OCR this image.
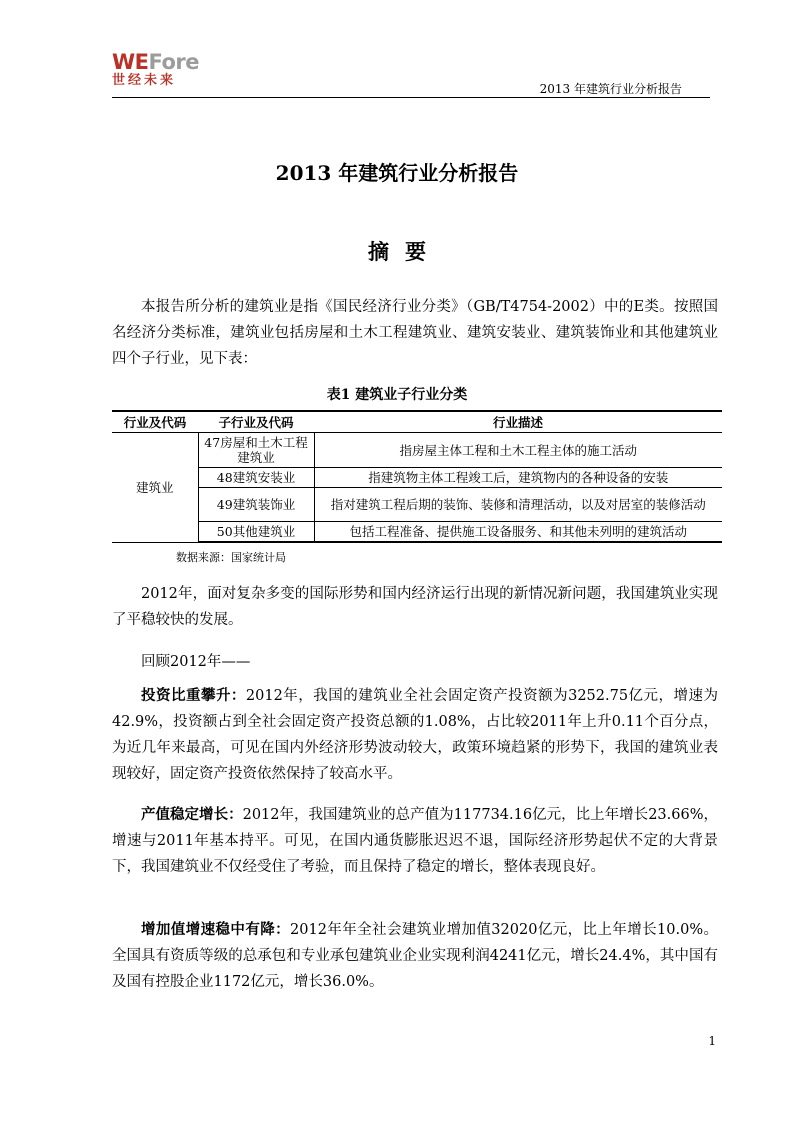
WEFore
世经未来
2013 年建筑行业分析报告
2013 年建筑行业分析报告
摘要

本报告所分析的建筑业是指《国民经济行业分类》（GB/T4754-2002）中的E类。按照国名经济分类标准，建筑业包括房屋和土木工程建筑业、建筑安装业、建筑装饰业和其他建筑业四个子行业，见下表：

表1 建筑业子行业分类
行业及代码	子行业及代码	行业描述
建筑业	47房屋和土木工程建筑业	指房屋主体工程和土木工程主体的施工活动
	48建筑安装业	指建筑物主体工程竣工后，建筑物内的各种设备的安装
	49建筑装饰业	指对建筑工程后期的装饰、装修和清理活动，以及对居室的装修活动
	50其他建筑业	包括工程准备、提供施工设备服务、和其他未列明的建筑活动
数据来源：国家统计局

2012年，面对复杂多变的国际形势和国内经济运行出现的新情况新问题，我国建筑业实现了平稳较快的发展。

回顾2012年——

投资比重攀升：2012年，我国的建筑业全社会固定资产投资额为3252.75亿元，增速为42.9%，投资额占到全社会固定资产投资总额的1.08%，占比较2011年上升0.11个百分点，为近几年来最高，可见在国内外经济形势波动较大，政策环境趋紧的形势下，我国的建筑业表现较好，固定资产投资依然保持了较高水平。

产值稳定增长：2012年，我国建筑业的总产值为117734.16亿元，比上年增长23.66%，增速与2011年基本持平。可见，在国内通货膨胀迟迟不退，国际经济形势起伏不定的大背景下，我国建筑业不仅经受住了考验，而且保持了稳定的增长，整体表现良好。

增加值增速稳中有降：2012年年全社会建筑业增加值32020亿元，比上年增长10.0%。全国具有资质等级的总承包和专业承包建筑业企业实现利润4241亿元，增长24.4%，其中国有及国有控股企业1172亿元，增长36.0%。

1
